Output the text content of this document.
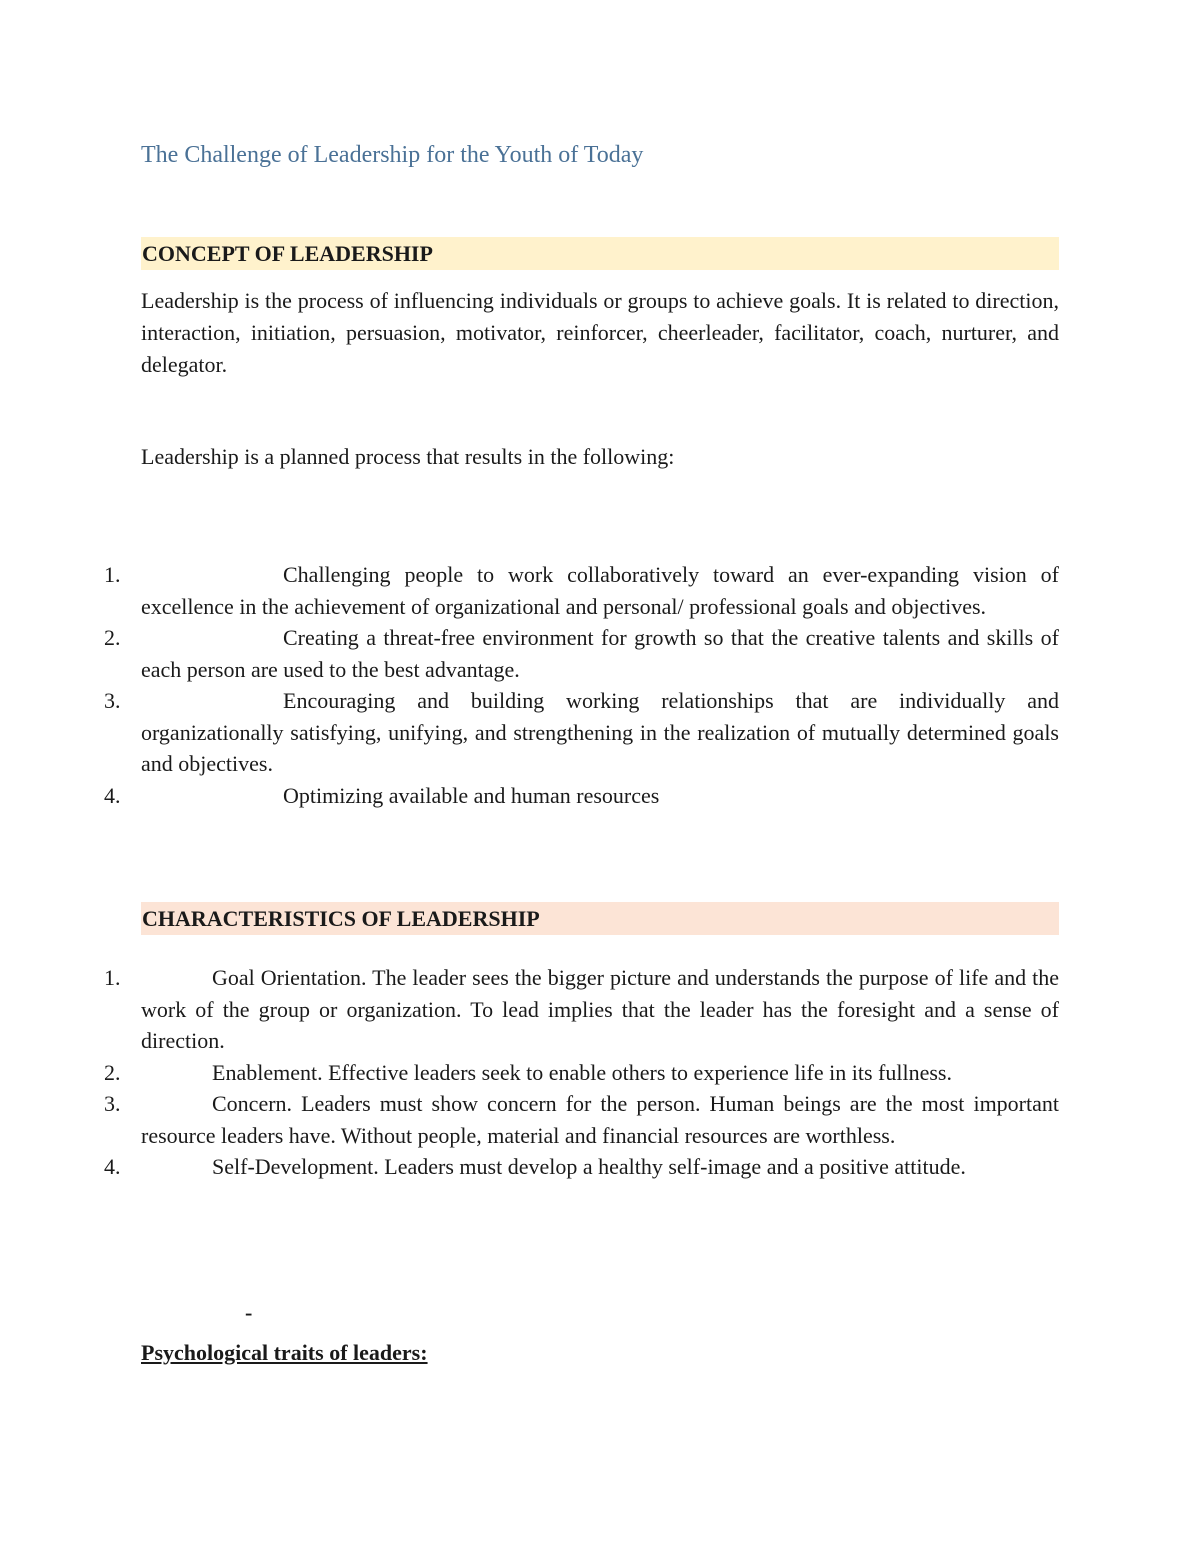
The Challenge of Leadership for the Youth of Today
CONCEPT OF LEADERSHIP
Leadership is the process of influencing individuals or groups to achieve goals. It is related to direction, interaction, initiation, persuasion, motivator, reinforcer, cheerleader, facilitator, coach, nurturer, and delegator.
Leadership is a planned process that results in the following:
1.	Challenging people to work collaboratively toward an ever-expanding vision of excellence in the achievement of organizational and personal/ professional goals and objectives.
2.	Creating a threat-free environment for growth so that the creative talents and skills of each person are used to the best advantage.
3.	Encouraging and building working relationships that are individually and organizationally satisfying, unifying, and strengthening in the realization of mutually determined goals and objectives.
4.	Optimizing available and human resources
CHARACTERISTICS OF LEADERSHIP
1.	Goal Orientation. The leader sees the bigger picture and understands the purpose of life and the work of the group or organization. To lead implies that the leader has the foresight and a sense of direction.
2.	Enablement. Effective leaders seek to enable others to experience life in its fullness.
3.	Concern. Leaders must show concern for the person. Human beings are the most important resource leaders have. Without people, material and financial resources are worthless.
4.	Self-Development. Leaders must develop a healthy self-image and a positive attitude.
-
Psychological traits of leaders:
